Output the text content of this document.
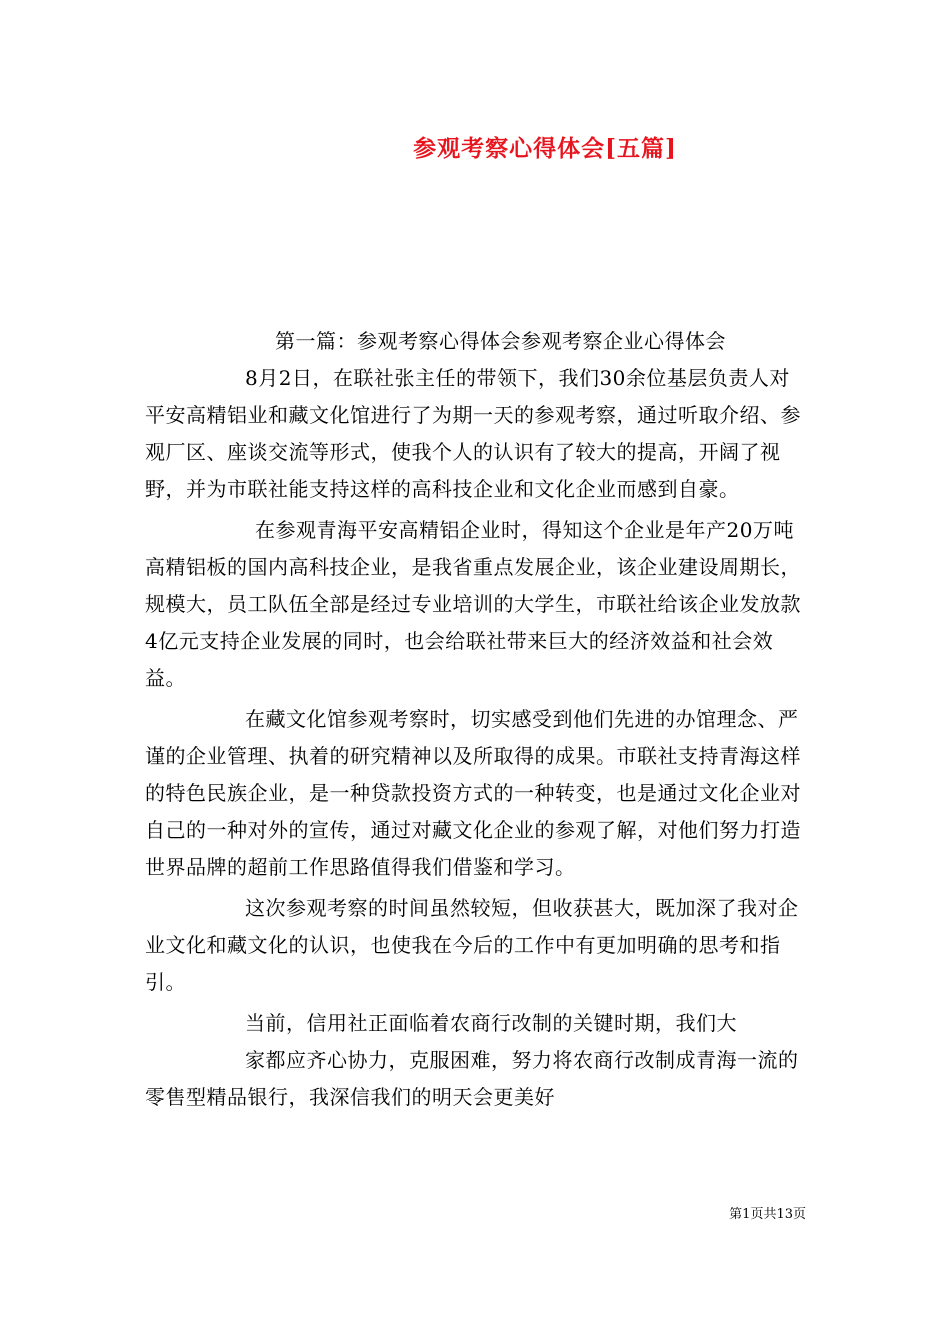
参观考察心得体会[五篇]

第一篇：参观考察心得体会参观考察企业心得体会

8月2日，在联社张主任的带领下，我们30余位基层负责人对平安高精铝业和藏文化馆进行了为期一天的参观考察，通过听取介绍、参观厂区、座谈交流等形式，使我个人的认识有了较大的提高，开阔了视野，并为市联社能支持这样的高科技企业和文化企业而感到自豪。

在参观青海平安高精铝企业时，得知这个企业是年产20万吨高精铝板的国内高科技企业，是我省重点发展企业，该企业建设周期长，规模大，员工队伍全部是经过专业培训的大学生，市联社给该企业发放款4亿元支持企业发展的同时，也会给联社带来巨大的经济效益和社会效益。

在藏文化馆参观考察时，切实感受到他们先进的办馆理念、严谨的企业管理、执着的研究精神以及所取得的成果。市联社支持青海这样的特色民族企业，是一种贷款投资方式的一种转变，也是通过文化企业对自己的一种对外的宣传，通过对藏文化企业的参观了解，对他们努力打造世界品牌的超前工作思路值得我们借鉴和学习。

这次参观考察的时间虽然较短，但收获甚大，既加深了我对企业文化和藏文化的认识，也使我在今后的工作中有更加明确的思考和指引。

当前，信用社正面临着农商行改制的关键时期，我们大

家都应齐心协力，克服困难，努力将农商行改制成青海一流的零售型精品银行，我深信我们的明天会更美好

第1页共13页
